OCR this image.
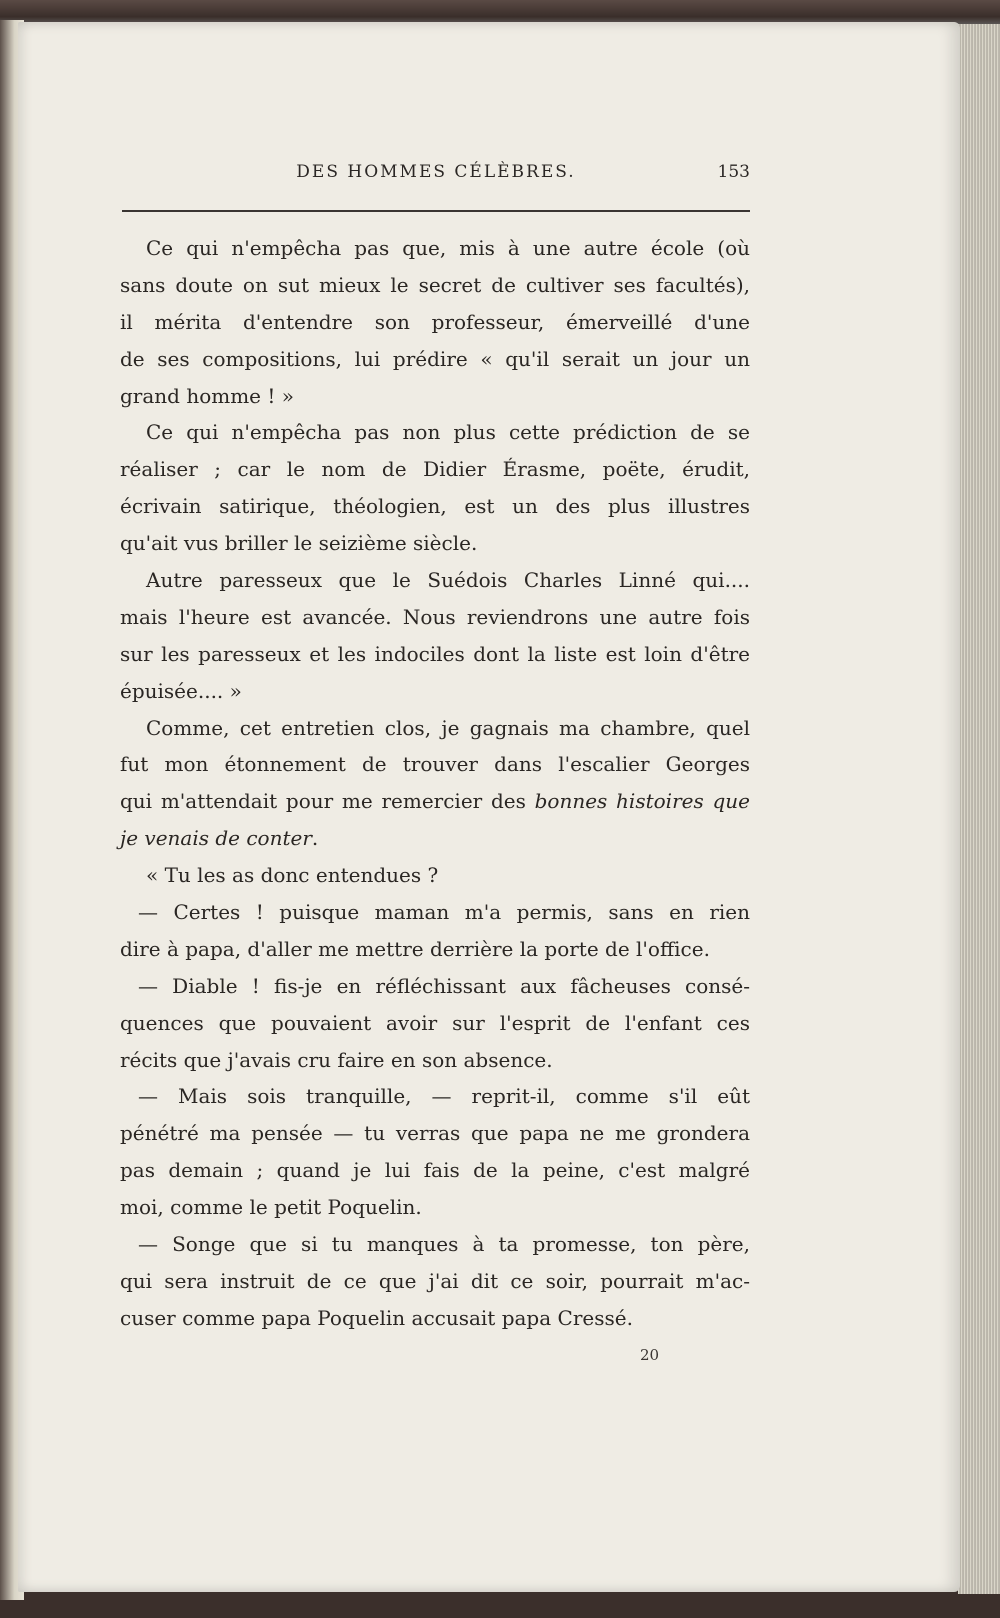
DES HOMMES CÉLÈBRES.	153
Ce qui n'empêcha pas que, mis à une autre école (où
sans doute on sut mieux le secret de cultiver ses facultés),
il mérita d'entendre son professeur, émerveillé d'une
de ses compositions, lui prédire « qu'il serait un jour un
grand homme ! »
Ce qui n'empêcha pas non plus cette prédiction de se
réaliser ; car le nom de Didier Érasme, poëte, érudit,
écrivain satirique, théologien, est un des plus illustres
qu'ait vus briller le seizième siècle.
Autre paresseux que le Suédois Charles Linné qui....
mais l'heure est avancée. Nous reviendrons une autre fois
sur les paresseux et les indociles dont la liste est loin d'être
épuisée.... »
Comme, cet entretien clos, je gagnais ma chambre, quel
fut mon étonnement de trouver dans l'escalier Georges
qui m'attendait pour me remercier des bonnes histoires que
je venais de conter.
« Tu les as donc entendues ?
— Certes ! puisque maman m'a permis, sans en rien
dire à papa, d'aller me mettre derrière la porte de l'office.
— Diable ! fis-je en réfléchissant aux fâcheuses consé-
quences que pouvaient avoir sur l'esprit de l'enfant ces
récits que j'avais cru faire en son absence.
— Mais sois tranquille, — reprit-il, comme s'il eût
pénétré ma pensée — tu verras que papa ne me grondera
pas demain ; quand je lui fais de la peine, c'est malgré
moi, comme le petit Poquelin.
— Songe que si tu manques à ta promesse, ton père,
qui sera instruit de ce que j'ai dit ce soir, pourrait m'ac-
cuser comme papa Poquelin accusait papa Cressé.
20
